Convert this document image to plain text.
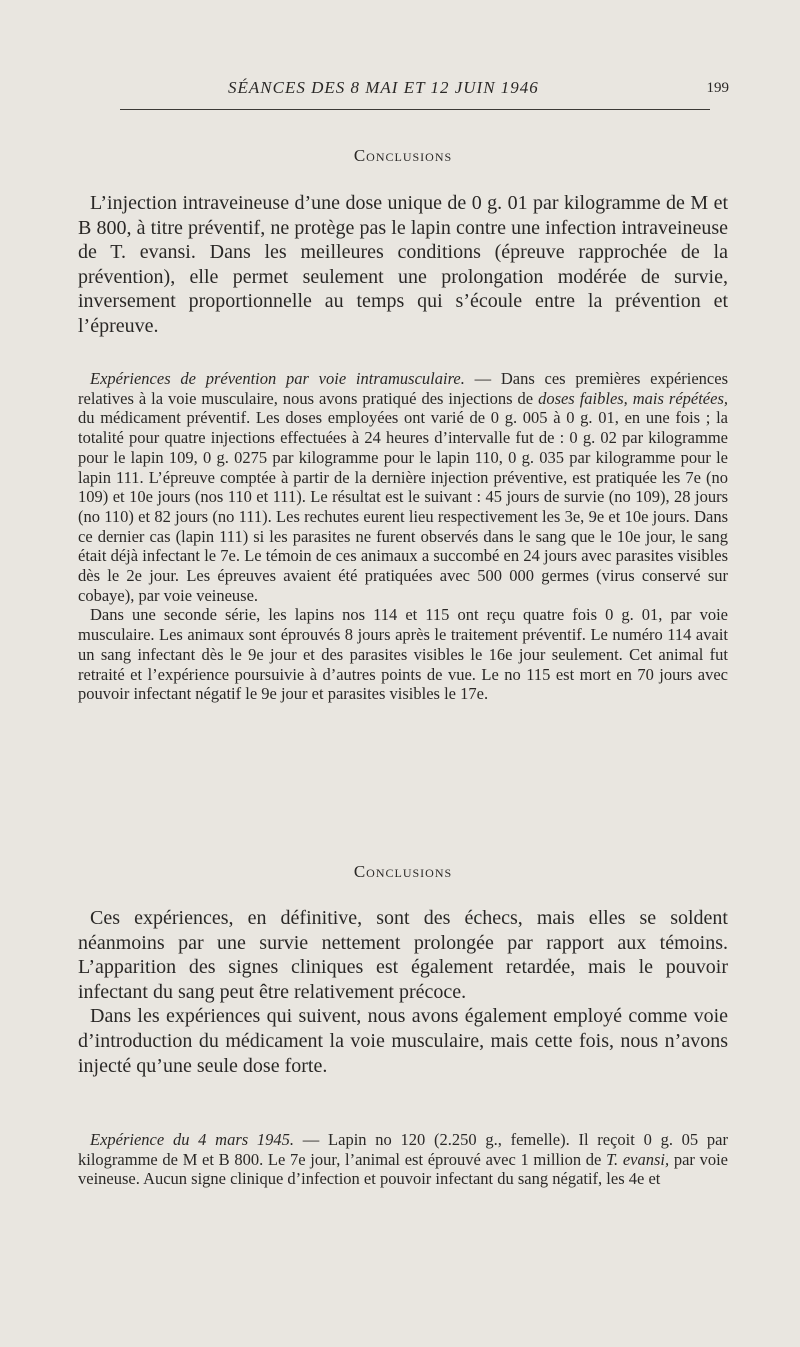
SÉANCES DES 8 MAI ET 12 JUIN 1946	199
Conclusions

L’injection intraveineuse d’une dose unique de 0 g. 01 par kilogramme de M et B 800, à titre préventif, ne protège pas le lapin contre une infection intraveineuse de T. evansi. Dans les meilleures conditions (épreuve rapprochée de la prévention), elle permet seulement une prolongation modérée de survie, inversement proportionnelle au temps qui s’écoule entre la prévention et l’épreuve.

Expériences de prévention par voie intramusculaire. — Dans ces premières expériences relatives à la voie musculaire, nous avons pratiqué des injections de doses faibles, mais répétées, du médicament préventif. Les doses employées ont varié de 0 g. 005 à 0 g. 01, en une fois ; la totalité pour quatre injections effectuées à 24 heures d’intervalle fut de : 0 g. 02 par kilogramme pour le lapin 109, 0 g. 0275 par kilogramme pour le lapin 110, 0 g. 035 par kilogramme pour le lapin 111. L’épreuve comptée à partir de la dernière injection préventive, est pratiquée les 7e (no 109) et 10e jours (nos 110 et 111). Le résultat est le suivant : 45 jours de survie (no 109), 28 jours (no 110) et 82 jours (no 111). Les rechutes eurent lieu respectivement les 3e, 9e et 10e jours. Dans ce dernier cas (lapin 111) si les parasites ne furent observés dans le sang que le 10e jour, le sang était déjà infectant le 7e. Le témoin de ces animaux a succombé en 24 jours avec parasites visibles dès le 2e jour. Les épreuves avaient été pratiquées avec 500 000 germes (virus conservé sur cobaye), par voie veineuse.

Dans une seconde série, les lapins nos 114 et 115 ont reçu quatre fois 0 g. 01, par voie musculaire. Les animaux sont éprouvés 8 jours après le traitement préventif. Le numéro 114 avait un sang infectant dès le 9e jour et des parasites visibles le 16e jour seulement. Cet animal fut retraité et l’expérience poursuivie à d’autres points de vue. Le no 115 est mort en 70 jours avec pouvoir infectant négatif le 9e jour et parasites visibles le 17e.

Conclusions

Ces expériences, en définitive, sont des échecs, mais elles se soldent néanmoins par une survie nettement prolongée par rapport aux témoins. L’apparition des signes cliniques est également retardée, mais le pouvoir infectant du sang peut être relativement précoce.

Dans les expériences qui suivent, nous avons également employé comme voie d’introduction du médicament la voie musculaire, mais cette fois, nous n’avons injecté qu’une seule dose forte.

Expérience du 4 mars 1945. — Lapin no 120 (2.250 g., femelle). Il reçoit 0 g. 05 par kilogramme de M et B 800. Le 7e jour, l’animal est éprouvé avec 1 million de T. evansi, par voie veineuse. Aucun signe clinique d’infection et pouvoir infectant du sang négatif, les 4e et
